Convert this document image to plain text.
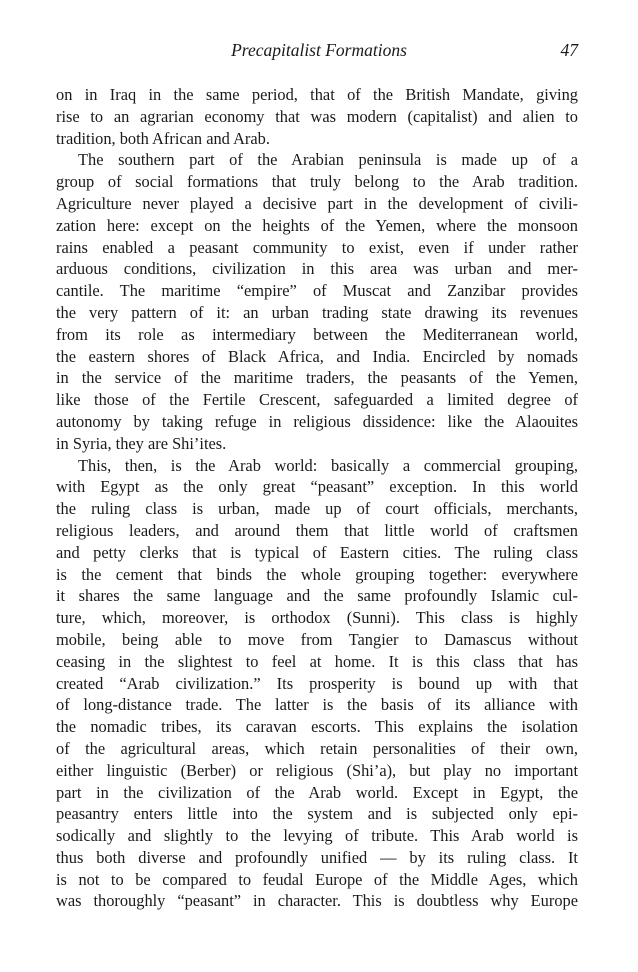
Precapitalist Formations	47
on in Iraq in the same period, that of the British Mandate, giving
rise to an agrarian economy that was modern (capitalist) and alien to
tradition, both African and Arab.
The southern part of the Arabian peninsula is made up of a
group of social formations that truly belong to the Arab tradition.
Agriculture never played a decisive part in the development of civili-
zation here: except on the heights of the Yemen, where the monsoon
rains enabled a peasant community to exist, even if under rather
arduous conditions, civilization in this area was urban and mer-
cantile. The maritime “empire” of Muscat and Zanzibar provides
the very pattern of it: an urban trading state drawing its revenues
from its role as intermediary between the Mediterranean world,
the eastern shores of Black Africa, and India. Encircled by nomads
in the service of the maritime traders, the peasants of the Yemen,
like those of the Fertile Crescent, safeguarded a limited degree of
autonomy by taking refuge in religious dissidence: like the Alaouites
in Syria, they are Shi’ites.
This, then, is the Arab world: basically a commercial grouping,
with Egypt as the only great “peasant” exception. In this world
the ruling class is urban, made up of court officials, merchants,
religious leaders, and around them that little world of craftsmen
and petty clerks that is typical of Eastern cities. The ruling class
is the cement that binds the whole grouping together: everywhere
it shares the same language and the same profoundly Islamic cul-
ture, which, moreover, is orthodox (Sunni). This class is highly
mobile, being able to move from Tangier to Damascus without
ceasing in the slightest to feel at home. It is this class that has
created “Arab civilization.” Its prosperity is bound up with that
of long-distance trade. The latter is the basis of its alliance with
the nomadic tribes, its caravan escorts. This explains the isolation
of the agricultural areas, which retain personalities of their own,
either linguistic (Berber) or religious (Shi’a), but play no important
part in the civilization of the Arab world. Except in Egypt, the
peasantry enters little into the system and is subjected only epi-
sodically and slightly to the levying of tribute. This Arab world is
thus both diverse and profoundly unified — by its ruling class. It
is not to be compared to feudal Europe of the Middle Ages, which
was thoroughly “peasant” in character. This is doubtless why Europe
